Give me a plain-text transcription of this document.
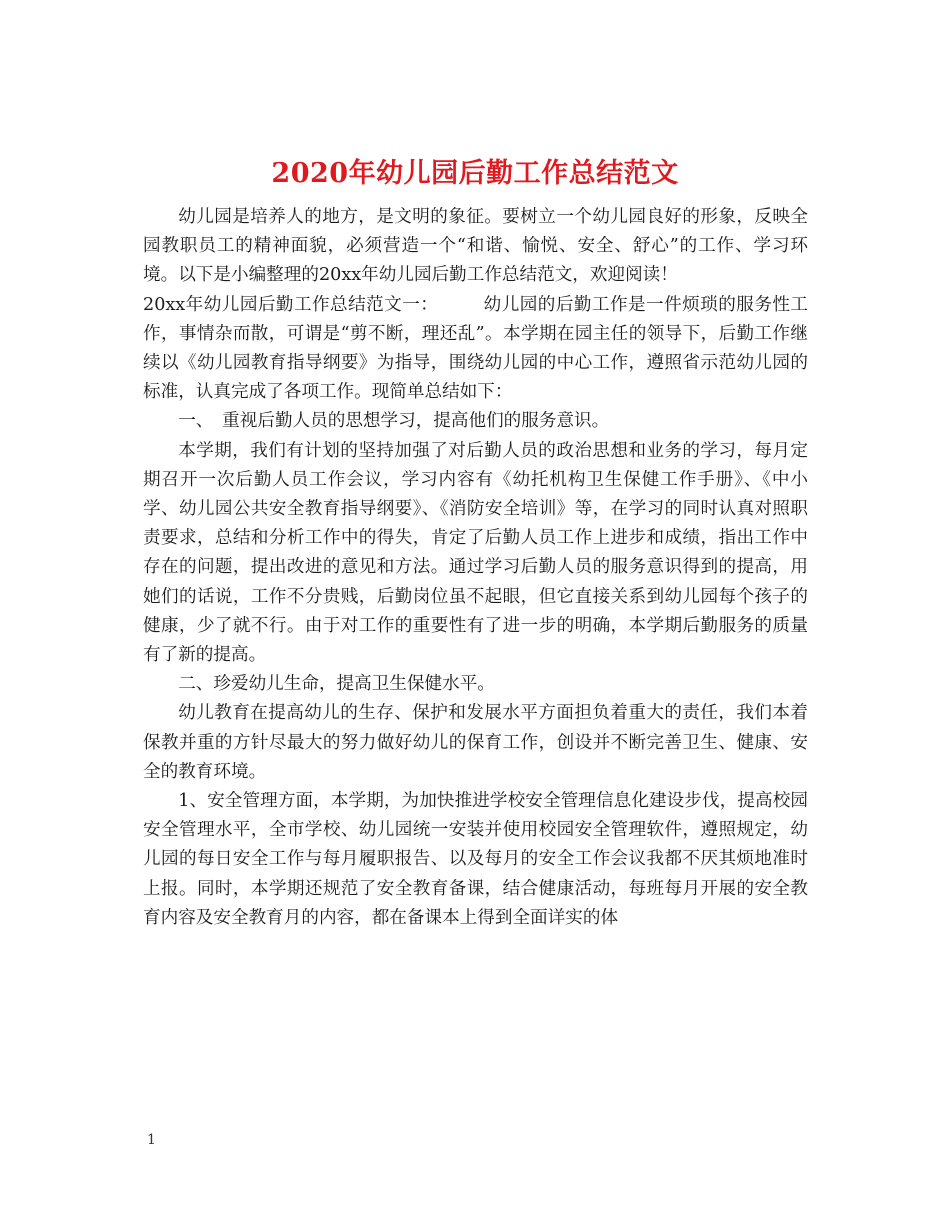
2020年幼儿园后勤工作总结范文

幼儿园是培养人的地方，是文明的象征。要树立一个幼儿园良好的形象，反映全园教职员工的精神面貌，必须营造一个“和谐、愉悦、安全、舒心”的工作、学习环境。以下是小编整理的20xx年幼儿园后勤工作总结范文，欢迎阅读！

20xx年幼儿园后勤工作总结范文一：　　　幼儿园的后勤工作是一件烦琐的服务性工作，事情杂而散，可谓是“剪不断，理还乱”。本学期在园主任的领导下，后勤工作继续以《幼儿园教育指导纲要》为指导，围绕幼儿园的中心工作，遵照省示范幼儿园的标准，认真完成了各项工作。现简单总结如下：

一、　重视后勤人员的思想学习，提高他们的服务意识。

本学期，我们有计划的坚持加强了对后勤人员的政治思想和业务的学习，每月定期召开一次后勤人员工作会议，学习内容有《幼托机构卫生保健工作手册》、《中小学、幼儿园公共安全教育指导纲要》、《消防安全培训》等，在学习的同时认真对照职责要求，总结和分析工作中的得失，肯定了后勤人员工作上进步和成绩，指出工作中存在的问题，提出改进的意见和方法。通过学习后勤人员的服务意识得到的提高，用她们的话说，工作不分贵贱，后勤岗位虽不起眼，但它直接关系到幼儿园每个孩子的健康，少了就不行。由于对工作的重要性有了进一步的明确，本学期后勤服务的质量有了新的提高。

二、珍爱幼儿生命，提高卫生保健水平。

幼儿教育在提高幼儿的生存、保护和发展水平方面担负着重大的责任，我们本着保教并重的方针尽最大的努力做好幼儿的保育工作，创设并不断完善卫生、健康、安全的教育环境。

1、安全管理方面，本学期，为加快推进学校安全管理信息化建设步伐，提高校园安全管理水平，全市学校、幼儿园统一安装并使用校园安全管理软件，遵照规定，幼儿园的每日安全工作与每月履职报告、以及每月的安全工作会议我都不厌其烦地准时上报。同时，本学期还规范了安全教育备课，结合健康活动，每班每月开展的安全教育内容及安全教育月的内容，都在备课本上得到全面详实的体

1
